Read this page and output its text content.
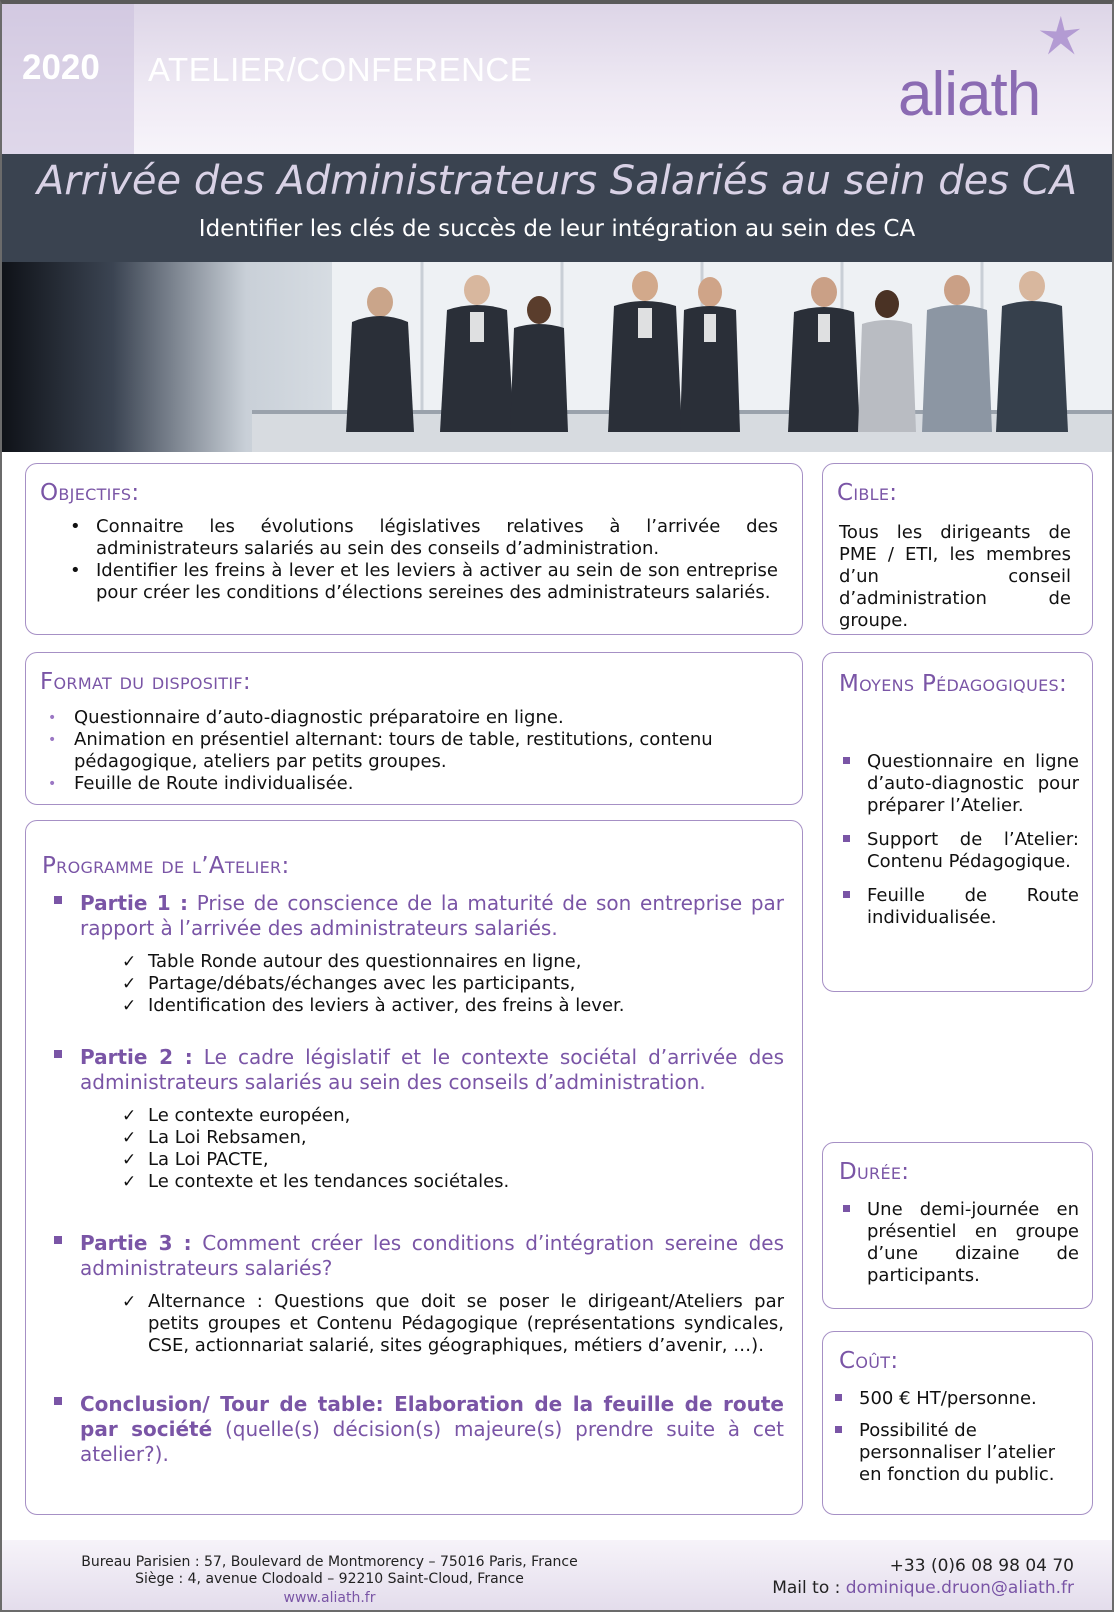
2020 ATELIER/CONFERENCE	aliath
Arrivée des Administrateurs Salariés au sein des CA
Identifier les clés de succès de leur intégration au sein des CA
Objectifs:
• Connaitre les évolutions législatives relatives à l’arrivée des administrateurs salariés au sein des conseils d’administration.
• Identifier les freins à lever et les leviers à activer au sein de son entreprise pour créer les conditions d’élections sereines des administrateurs salariés.
Cible:
Tous les dirigeants de PME / ETI, les membres d’un conseil d’administration de groupe.
Format du dispositif:
• Questionnaire d’auto-diagnostic préparatoire en ligne.
• Animation en présentiel alternant: tours de table, restitutions, contenu pédagogique, ateliers par petits groupes.
• Feuille de Route individualisée.
Moyens Pédagogiques:
Questionnaire en ligne d’auto-diagnostic pour préparer l’Atelier.
Support de l’Atelier: Contenu Pédagogique.
Feuille de Route individualisée.
Programme de l’Atelier:
Partie 1 : Prise de conscience de la maturité de son entreprise par rapport à l’arrivée des administrateurs salariés.
✓ Table Ronde autour des questionnaires en ligne,
✓ Partage/débats/échanges avec les participants,
✓ Identification des leviers à activer, des freins à lever.
Partie 2 : Le cadre législatif et le contexte sociétal d’arrivée des administrateurs salariés au sein des conseils d’administration.
✓ Le contexte européen,
✓ La Loi Rebsamen,
✓ La Loi PACTE,
✓ Le contexte et les tendances sociétales.
Partie 3 : Comment créer les conditions d’intégration sereine des administrateurs salariés?
✓ Alternance : Questions que doit se poser le dirigeant/Ateliers par petits groupes et Contenu Pédagogique (représentations syndicales, CSE, actionnariat salarié, sites géographiques, métiers d’avenir, …).
Conclusion/ Tour de table: Elaboration de la feuille de route par société (quelle(s) décision(s) majeure(s) prendre suite à cet atelier?).
Durée:
Une demi-journée en présentiel en groupe d’une dizaine de participants.
Coût:
500 € HT/personne.
Possibilité de personnaliser l’atelier en fonction du public.
Bureau Parisien : 57, Boulevard de Montmorency – 75016 Paris, France
Siège : 4, avenue Clodoald – 92210 Saint-Cloud, France
www.aliath.fr
+33 (0)6 08 98 04 70
Mail to : dominique.druon@aliath.fr
